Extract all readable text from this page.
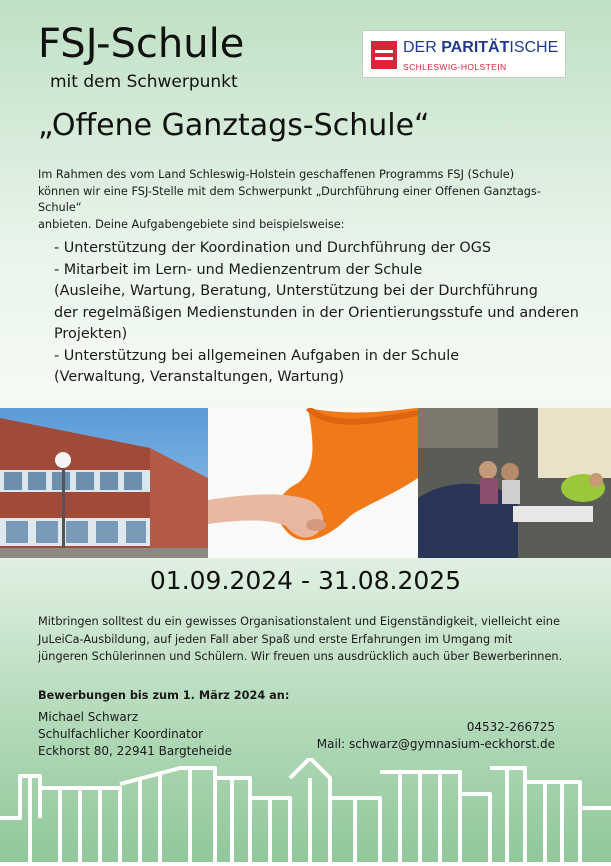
FSJ-Schule
mit dem Schwerpunkt
„Offene Ganztags-Schule“
DER PARITÄTISCHE
SCHLESWIG-HOLSTEIN
Im Rahmen des vom Land Schleswig-Holstein geschaffenen Programms FSJ (Schule)
können wir eine FSJ-Stelle mit dem Schwerpunkt „Durchführung einer Offenen Ganztags-Schule“
anbieten. Deine Aufgabengebiete sind beispielsweise:
- Unterstützung der Koordination und Durchführung der OGS
- Mitarbeit im Lern- und Medienzentrum der Schule
(Ausleihe, Wartung, Beratung, Unterstützung bei der Durchführung
der regelmäßigen Medienstunden in der Orientierungsstufe und anderen
Projekten)
- Unterstützung bei allgemeinen Aufgaben in der Schule
(Verwaltung, Veranstaltungen, Wartung)
01.09.2024 - 31.08.2025
Mitbringen solltest du ein gewisses Organisationstalent und Eigenständigkeit, vielleicht eine
JuLeiCa-Ausbildung, auf jeden Fall aber Spaß und erste Erfahrungen im Umgang mit
jüngeren Schülerinnen und Schülern. Wir freuen uns ausdrücklich auch über Bewerberinnen.
Bewerbungen bis zum 1. März 2024 an:
Michael Schwarz
Schulfachlicher Koordinator
Eckhorst 80, 22941 Bargteheide
04532-266725
Mail: schwarz@gymnasium-eckhorst.de
